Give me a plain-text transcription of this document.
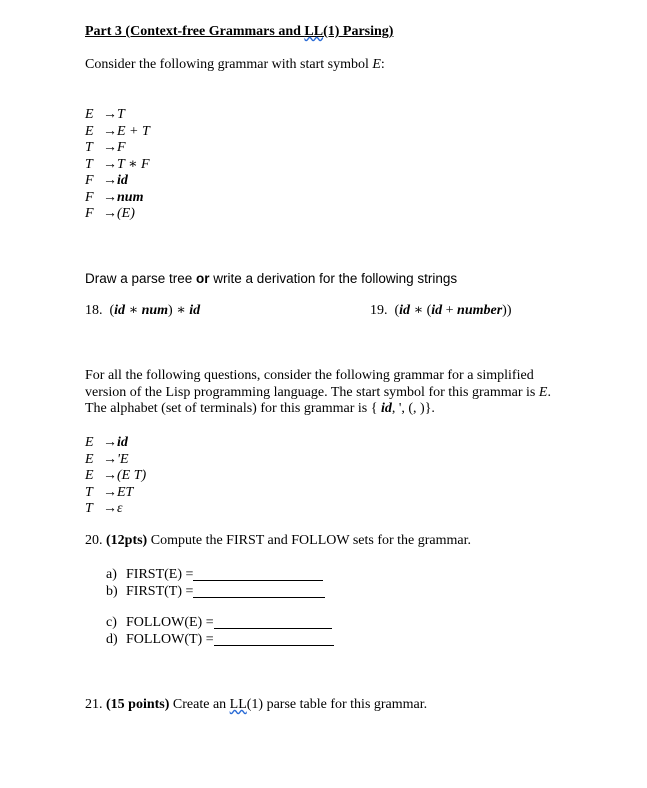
Part 3 (Context-free Grammars and LL(1) Parsing)
Consider the following grammar with start symbol E:
E → T
E → E + T
T → F
T → T ∗ F
F → id
F → num
F → (E)
Draw a parse tree or write a derivation for the following strings
18. (id ∗ num) ∗ id	19. (id ∗ (id + number))
For all the following questions, consider the following grammar for a simplified
version of the Lisp programming language. The start symbol for this grammar is E.
The alphabet (set of terminals) for this grammar is { id, ', (, )}.
E → id
E → 'E
E → (E T)
T → ET
T → ε
20. (12pts) Compute the FIRST and FOLLOW sets for the grammar.
a) FIRST(E) =
b) FIRST(T) =
c) FOLLOW(E) =
d) FOLLOW(T) =
21. (15 points) Create an LL(1) parse table for this grammar.
